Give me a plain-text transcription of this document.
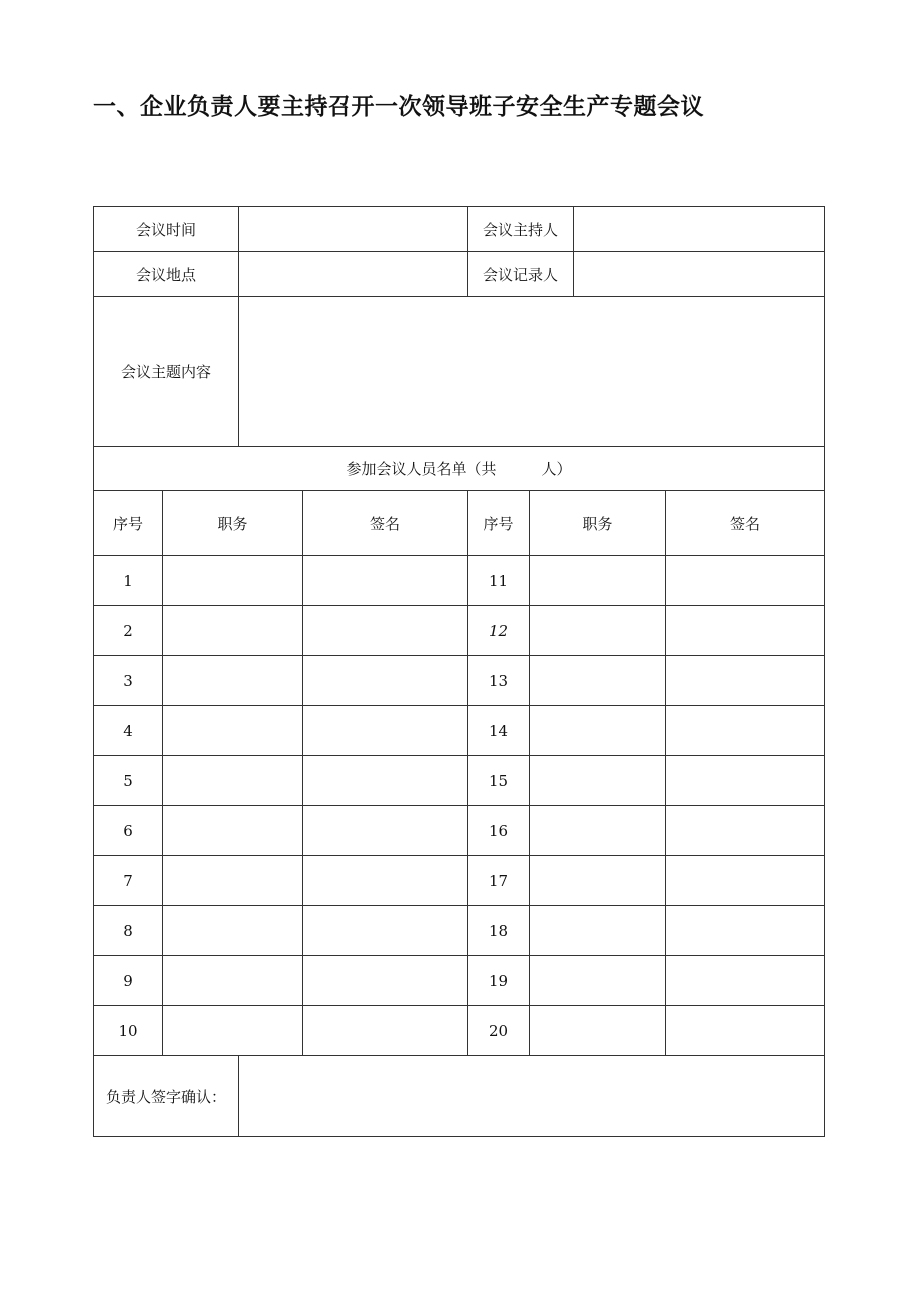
一、企业负责人要主持召开一次领导班子安全生产专题会议
会议时间				会议主持人			
会议地点				会议记录人			
会议主题内容							
参加会议人员名单（共　　　人）							
序号	职务		签名	序号	职务		签名
1				11			
2				12			
3				13			
4				14			
5				15			
6				16			
7				17			
8				18			
9				19			
10				20			
负责人签字确认：							
